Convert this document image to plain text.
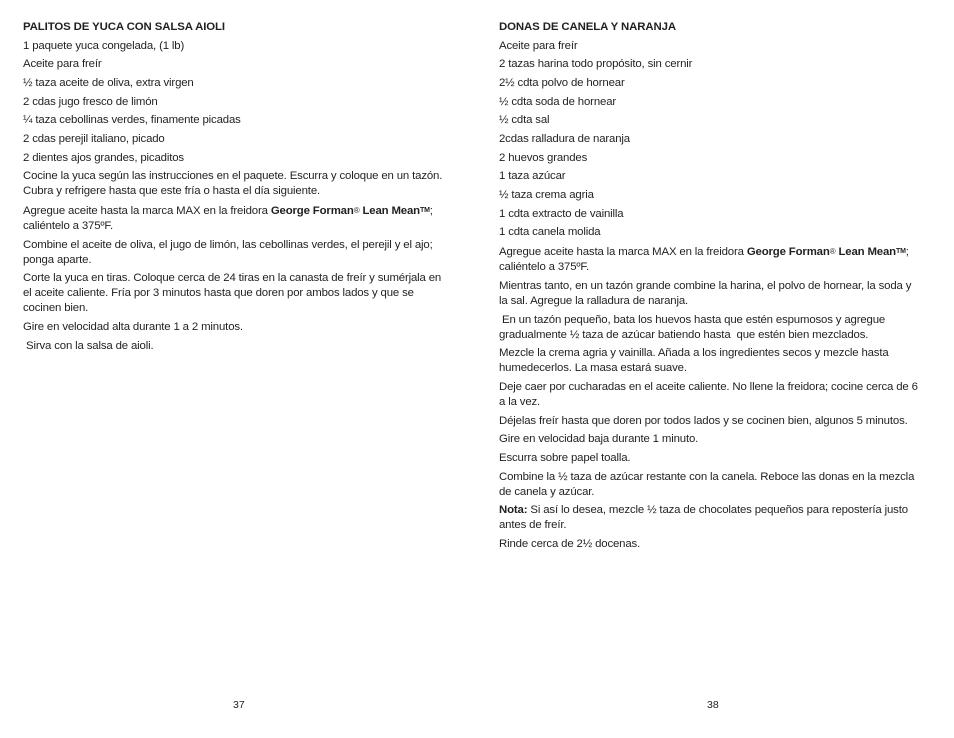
PALITOS DE YUCA CON SALSA AIOLI
1 paquete yuca congelada, (1 lb)
Aceite para freír
½ taza aceite de oliva, extra virgen
2 cdas jugo fresco de limón
¼ taza cebollinas verdes, finamente picadas
2 cdas perejil italiano, picado
2 dientes ajos grandes, picaditos
Cocine la yuca según las instrucciones en el paquete. Escurra y coloque en un tazón. Cubra y refrigere hasta que este fría o hasta el día siguiente.
Agregue aceite hasta la marca MAX en la freidora George Forman® Lean MeanTM; caliéntelo a 375ºF.
Combine el aceite de oliva, el jugo de limón, las cebollinas verdes, el perejil y el ajo; ponga aparte.
Corte la yuca en tiras. Coloque cerca de 24 tiras en la canasta de freír y sumérjala en el aceite caliente. Fría por 3 minutos hasta que doren por ambos lados y que se cocinen bien.
Gire en velocidad alta durante 1 a 2 minutos.
Sirva con la salsa de aioli.
37
DONAS DE CANELA Y NARANJA
Aceite para freír
2 tazas harina todo propósito, sin cernir
2½ cdta polvo de hornear
½ cdta soda de hornear
½ cdta sal
2cdas ralladura de naranja
2 huevos grandes
1 taza azúcar
½ taza crema agria
1 cdta extracto de vainilla
1 cdta canela molida
Agregue aceite hasta la marca MAX en la freidora George Forman® Lean MeanTM; caliéntelo a 375ºF.
Mientras tanto, en un tazón grande combine la harina, el polvo de hornear, la soda y la sal. Agregue la ralladura de naranja.
En un tazón pequeño, bata los huevos hasta que estén espumosos y agregue gradualmente ½ taza de azúcar batiendo hasta  que estén bien mezclados.
Mezcle la crema agria y vainilla. Añada a los ingredientes secos y mezcle hasta humedecerlos. La masa estará suave.
Deje caer por cucharadas en el aceite caliente. No llene la freidora; cocine cerca de 6 a la vez.
Déjelas freír hasta que doren por todos lados y se cocinen bien, algunos 5 minutos.
Gire en velocidad baja durante 1 minuto.
Escurra sobre papel toalla.
Combine la ½ taza de azúcar restante con la canela. Reboce las donas en la mezcla de canela y azúcar.
Nota: Si así lo desea, mezcle ½ taza de chocolates pequeños para repostería justo antes de freír.
Rinde cerca de 2½ docenas.
38
